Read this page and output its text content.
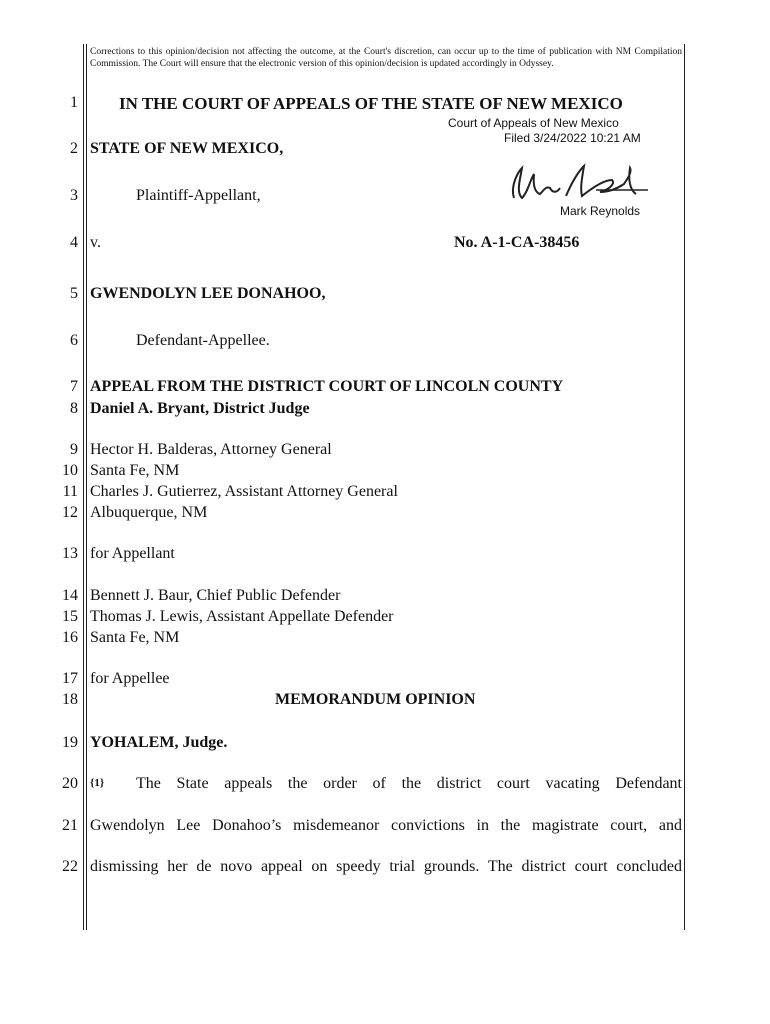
Corrections to this opinion/decision not affecting the outcome, at the Court's discretion, can occur up to the time of publication with NM Compilation Commission. The Court will ensure that the electronic version of this opinion/decision is updated accordingly in Odyssey.
1
2
3
4
5
6
7
8
9
10
11
12
13
14
15
16
17
18
19
20
21
22
IN THE COURT OF APPEALS OF THE STATE OF NEW MEXICO
Court of Appeals of New Mexico
Filed 3/24/2022 10:21 AM
Mark Reynolds
STATE OF NEW MEXICO,
Plaintiff-Appellant,
v.	No. A-1-CA-38456
GWENDOLYN LEE DONAHOO,
Defendant-Appellee.
APPEAL FROM THE DISTRICT COURT OF LINCOLN COUNTY
Daniel A. Bryant, District Judge
Hector H. Balderas, Attorney General
Santa Fe, NM
Charles J. Gutierrez, Assistant Attorney General
Albuquerque, NM
for Appellant
Bennett J. Baur, Chief Public Defender
Thomas J. Lewis, Assistant Appellate Defender
Santa Fe, NM
for Appellee
MEMORANDUM OPINION
YOHALEM, Judge.
{1} The State appeals the order of the district court vacating Defendant
Gwendolyn Lee Donahoo’s misdemeanor convictions in the magistrate court, and
dismissing her de novo appeal on speedy trial grounds. The district court concluded
